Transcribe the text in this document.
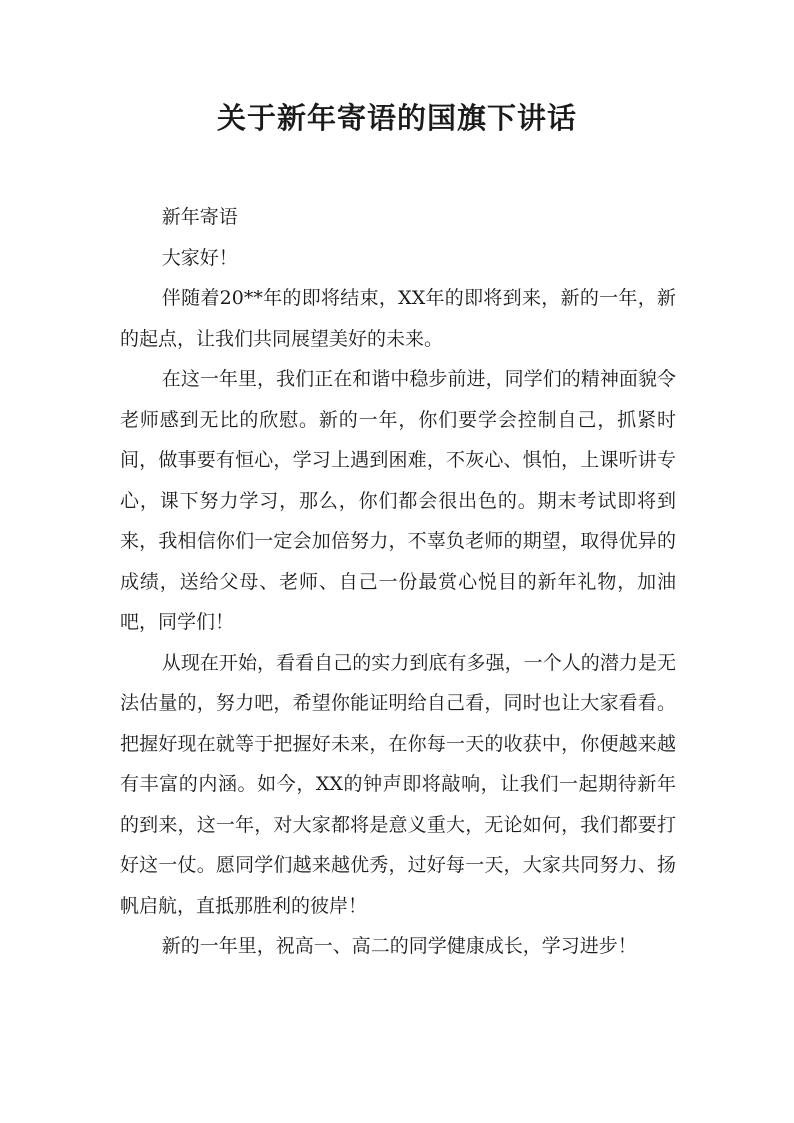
关于新年寄语的国旗下讲话

新年寄语

大家好！

伴随着20**年的即将结束，XX年的即将到来，新的一年，新的起点，让我们共同展望美好的未来。

在这一年里，我们正在和谐中稳步前进，同学们的精神面貌令老师感到无比的欣慰。新的一年，你们要学会控制自己，抓紧时间，做事要有恒心，学习上遇到困难，不灰心、惧怕，上课听讲专心，课下努力学习，那么，你们都会很出色的。期末考试即将到来，我相信你们一定会加倍努力，不辜负老师的期望，取得优异的成绩，送给父母、老师、自己一份最赏心悦目的新年礼物，加油吧，同学们！

从现在开始，看看自己的实力到底有多强，一个人的潜力是无法估量的，努力吧，希望你能证明给自己看，同时也让大家看看。把握好现在就等于把握好未来，在你每一天的收获中，你便越来越有丰富的内涵。如今，XX的钟声即将敲响，让我们一起期待新年的到来，这一年，对大家都将是意义重大，无论如何，我们都要打好这一仗。愿同学们越来越优秀，过好每一天，大家共同努力、扬帆启航，直抵那胜利的彼岸！

新的一年里，祝高一、高二的同学健康成长，学习进步！
